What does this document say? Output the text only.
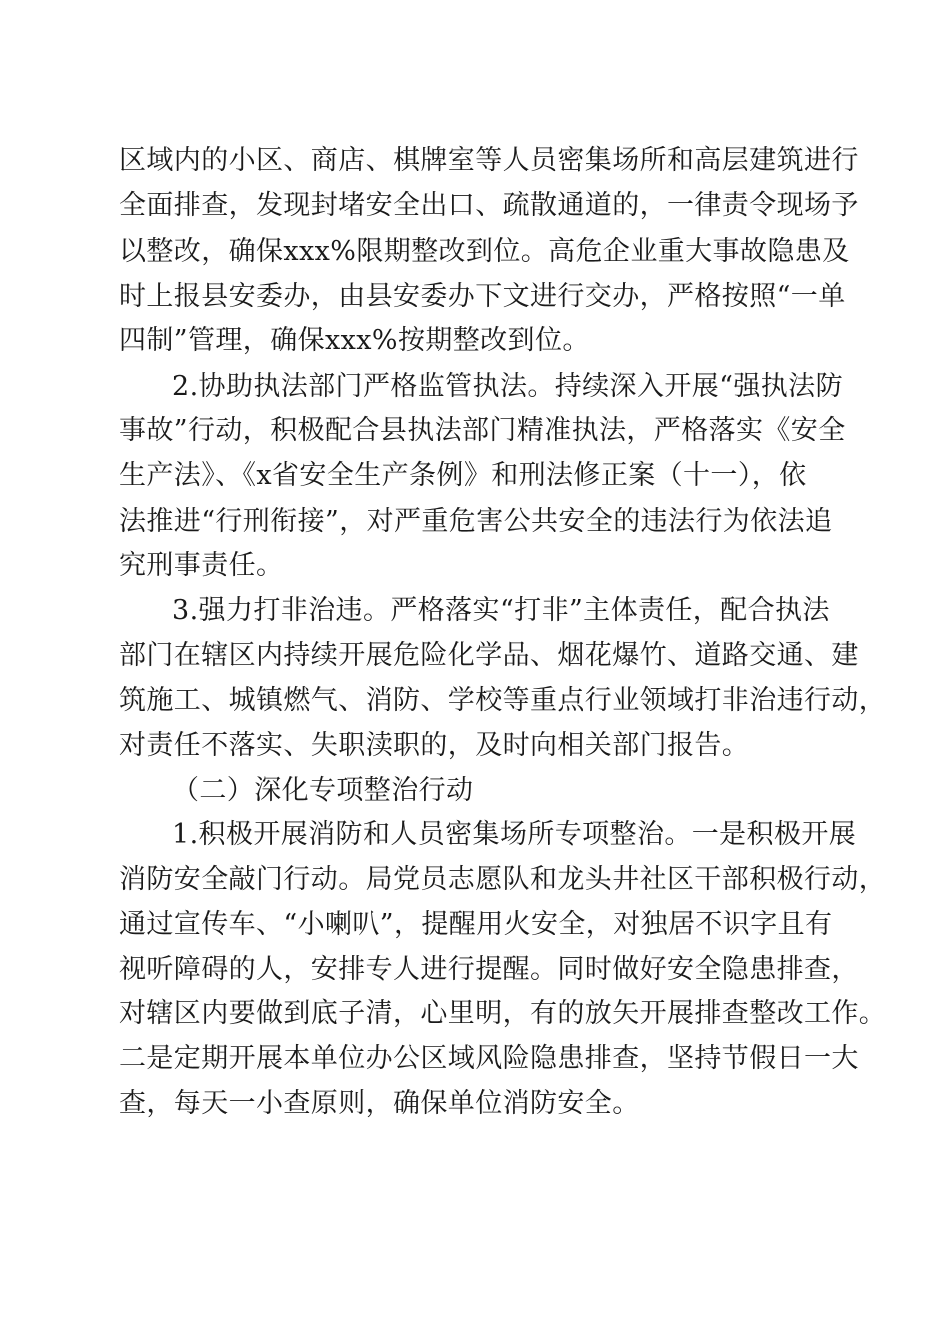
区域内的小区、商店、棋牌室等人员密集场所和高层建筑进行
全面排查，发现封堵安全出口、疏散通道的，一律责令现场予
以整改，确保xxx%限期整改到位。高危企业重大事故隐患及
时上报县安委办，由县安委办下文进行交办，严格按照“一单
四制”管理，确保xxx%按期整改到位。
2.协助执法部门严格监管执法。持续深入开展“强执法防
事故”行动，积极配合县执法部门精准执法，严格落实《安全
生产法》、《x省安全生产条例》和刑法修正案（十一），依
法推进“行刑衔接”，对严重危害公共安全的违法行为依法追
究刑事责任。
3.强力打非治违。严格落实“打非”主体责任，配合执法
部门在辖区内持续开展危险化学品、烟花爆竹、道路交通、建
筑施工、城镇燃气、消防、学校等重点行业领域打非治违行动，
对责任不落实、失职渎职的，及时向相关部门报告。
（二）深化专项整治行动
1.积极开展消防和人员密集场所专项整治。一是积极开展
消防安全敲门行动。局党员志愿队和龙头井社区干部积极行动，
通过宣传车、“小喇叭”，提醒用火安全，对独居不识字且有
视听障碍的人，安排专人进行提醒。同时做好安全隐患排查，
对辖区内要做到底子清，心里明，有的放矢开展排查整改工作。
二是定期开展本单位办公区域风险隐患排查，坚持节假日一大
查，每天一小查原则，确保单位消防安全。
